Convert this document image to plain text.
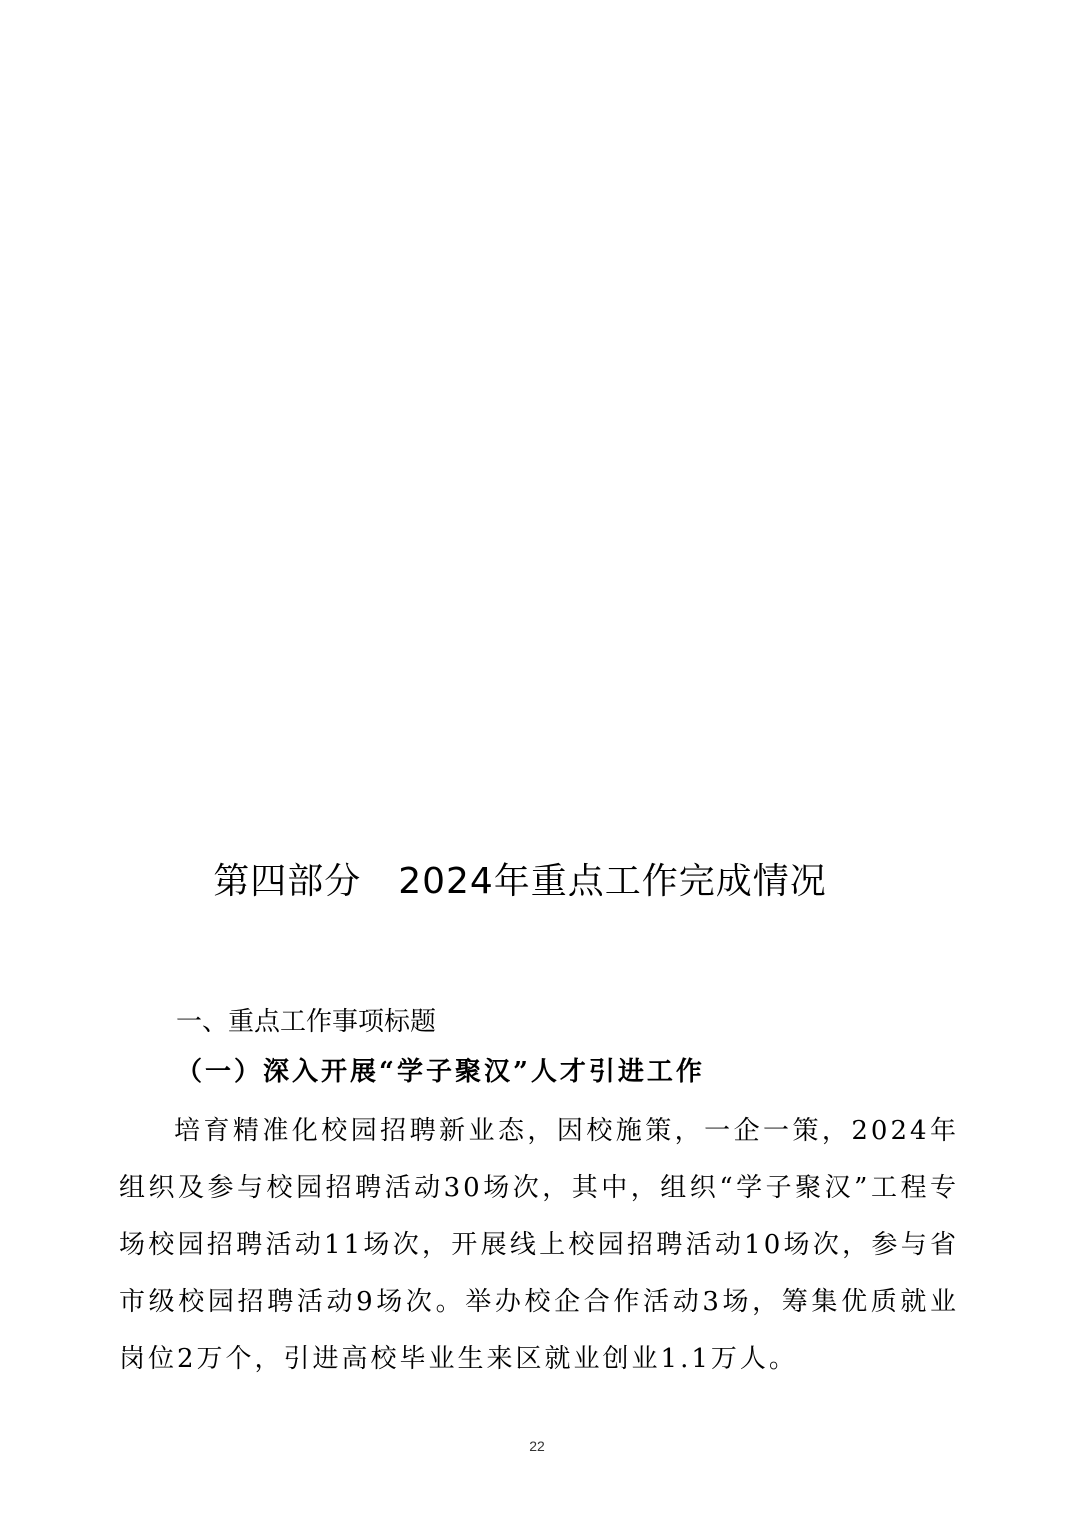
第四部分　2024年重点工作完成情况
一、重点工作事项标题
（一）深入开展“学子聚汉”人才引进工作

培育精准化校园招聘新业态，因校施策，一企一策，2024年组织及参与校园招聘活动30场次，其中，组织“学子聚汉”工程专场校园招聘活动11场次，开展线上校园招聘活动10场次，参与省市级校园招聘活动9场次。举办校企合作活动3场，筹集优质就业岗位2万个，引进高校毕业生来区就业创业1.1万人。

22
